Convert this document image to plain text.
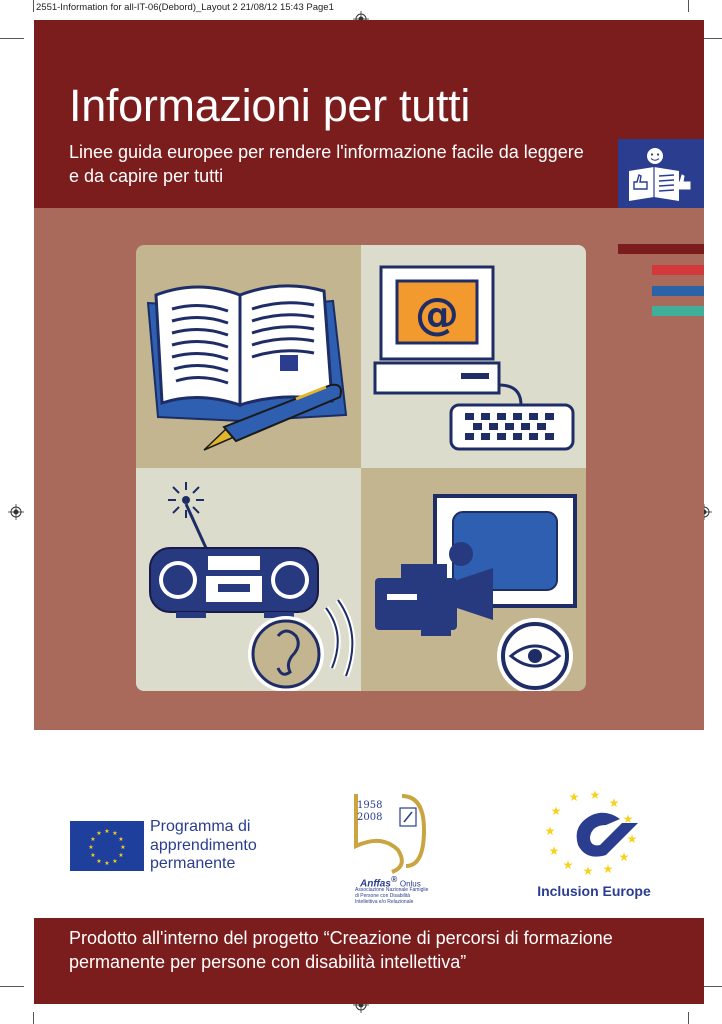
2551-Information for all-IT-06(Debord)_Layout 2 21/08/12 15:43 Page1
Informazioni per tutti
Linee guida europee per rendere l'informazione facile da leggere e da capire per tutti
@
★ ★
★
★
★
★
★
★
★
★
★
★	Programma di apprendimento permanente
1958
2008
Anffas® Onlus
Associazione Nazionale Famiglie di Persone con Disabilità Intellettiva e/o Relazionale
★
★
★
★
★
★
★
★
★
★
★
★
Inclusion Europe
Prodotto all'interno del progetto “Creazione di percorsi di formazione permanente per persone con disabilità intellettiva”
